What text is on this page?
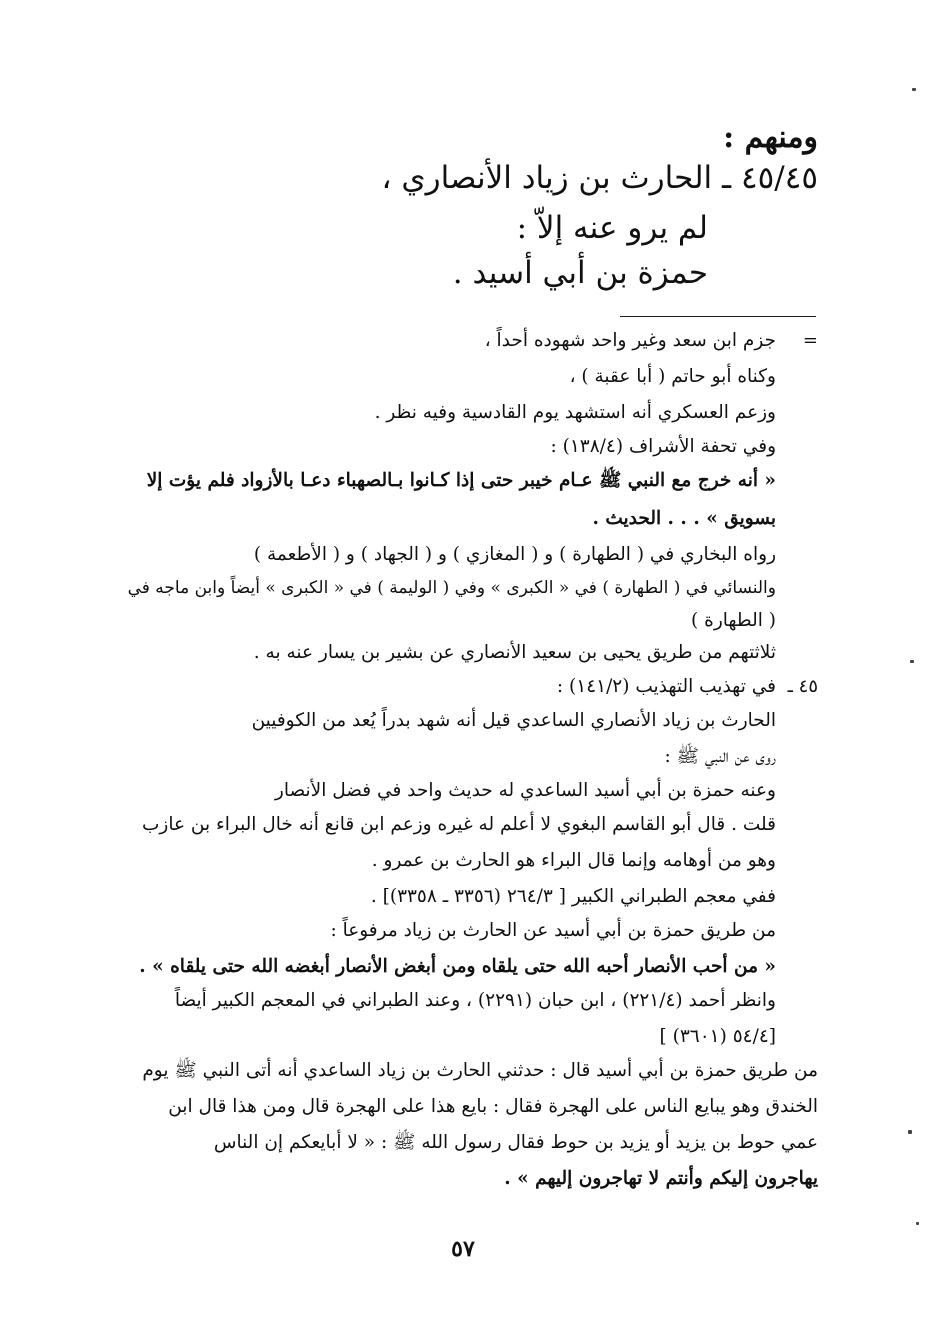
ومنهم :
٤٥/٤٥ ـ الحارث بن زياد الأنصاري ،
لم يرو عنه إلاّ :
حمزة بن أبي أسيد .
=
جزم ابن سعد وغير واحد شهوده أحداً ،
وكناه أبو حاتم ( أبا عقبة ) ،
وزعم العسكري أنه استشهد يوم القادسية وفيه نظر .
وفي تحفة الأشراف (١٣٨/٤) :
« أنه خرج مع النبي ﷺ عـام خيبر حتى إذا كـانوا بـالصهباء دعـا بالأزواد فلم يؤت إلا
بسويق » . . . الحديث .
رواه البخاري في ( الطهارة ) و ( المغازي ) و ( الجهاد ) و ( الأطعمة )
والنسائي في ( الطهارة ) في « الكبرى » وفي ( الوليمة ) في « الكبرى » أيضاً وابن ماجه في
( الطهارة )
ثلاثتهم من طريق يحيى بن سعيد الأنصاري عن بشير بن يسار عنه به .
٤٥ ـ
في تهذيب التهذيب (١٤١/٢) :
الحارث بن زياد الأنصاري الساعدي قيل أنه شهد بدراً يُعد من الكوفيين
روى عن النبي ﷺ :
وعنه حمزة بن أبي أسيد الساعدي له حديث واحد في فضل الأنصار
قلت . قال أبو القاسم البغوي لا أعلم له غيره وزعم ابن قانع أنه خال البراء بن عازب
وهو من أوهامه وإنما قال البراء هو الحارث بن عمرو .
ففي معجم الطبراني الكبير [ ٢٦٤/٣ (٣٣٥٦ ـ ٣٣٥٨)] .
من طريق حمزة بن أبي أسيد عن الحارث بن زياد مرفوعاً :
« من أحب الأنصار أحبه الله حتى يلقاه ومن أبغض الأنصار أبغضه الله حتى يلقاه » .
وانظر أحمد (٢٢١/٤) ، ابن حبان (٢٢٩١) ، وعند الطبراني في المعجم الكبير أيضاً
[ ٥٤/٤ (٣٦٠١)]
من طريق حمزة بن أبي أسيد قال : حدثني الحارث بن زياد الساعدي أنه أتى النبي ﷺ يوم
الخندق وهو يبايع الناس على الهجرة فقال : بايع هذا على الهجرة قال ومن هذا قال ابن
عمي حوط بن يزيد أو يزيد بن حوط فقال رسول الله ﷺ : « لا أبايعكم إن الناس
يهاجرون إليكم وأنتم لا تهاجرون إليهم » .
٥٧
